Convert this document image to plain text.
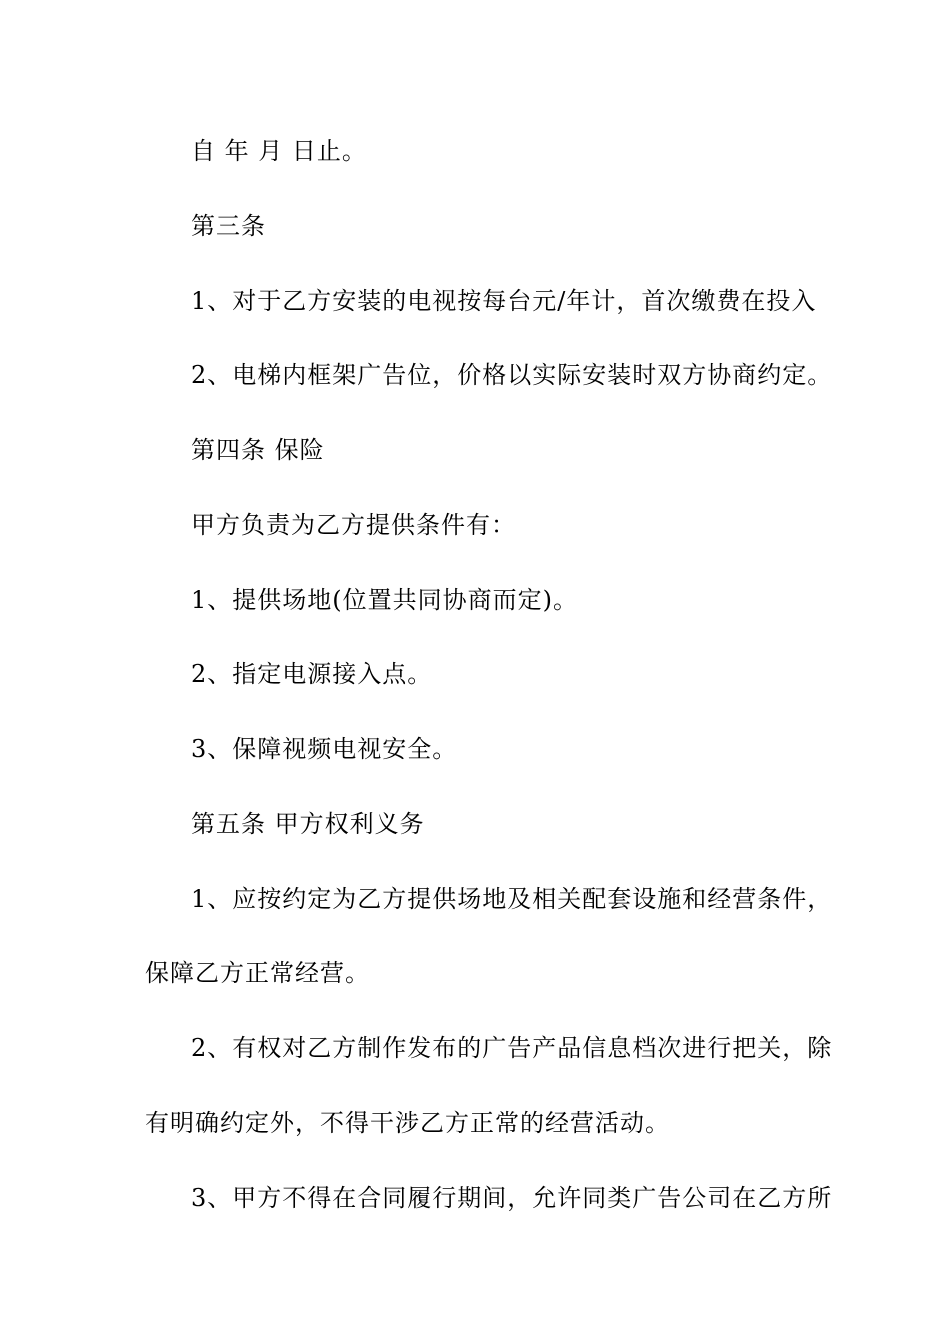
自 年 月 日止。
第三条
1、对于乙方安装的电视按每台元/年计，首次缴费在投入
2、电梯内框架广告位，价格以实际安装时双方协商约定。
第四条 保险
甲方负责为乙方提供条件有：
1、提供场地(位置共同协商而定)。
2、指定电源接入点。
3、保障视频电视安全。
第五条 甲方权利义务
1、应按约定为乙方提供场地及相关配套设施和经营条件，
保障乙方正常经营。
2、有权对乙方制作发布的广告产品信息档次进行把关，除
有明确约定外，不得干涉乙方正常的经营活动。
3、甲方不得在合同履行期间，允许同类广告公司在乙方所
